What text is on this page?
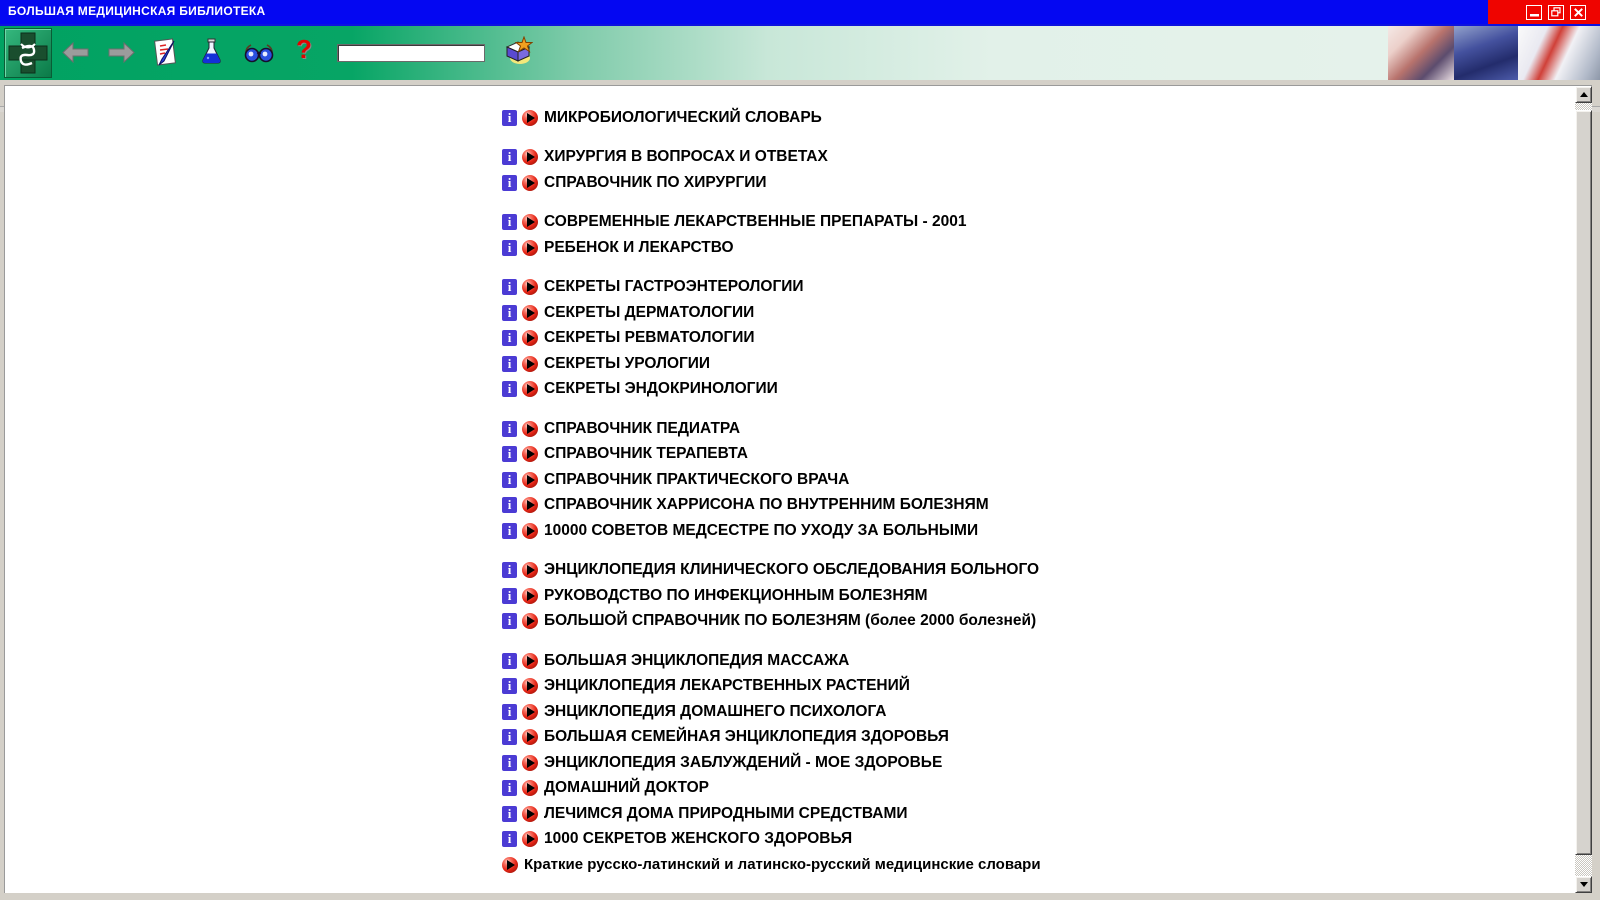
БОЛЬШАЯ МЕДИЦИНСКАЯ БИБЛИОТЕКА
?
i	МИКРОБИОЛОГИЧЕСКИЙ СЛОВАРЬ
i	ХИРУРГИЯ В ВОПРОСАХ И ОТВЕТАХ
i	СПРАВОЧНИК ПО ХИРУРГИИ
i	СОВРЕМЕННЫЕ ЛЕКАРСТВЕННЫЕ ПРЕПАРАТЫ - 2001
i	РЕБЕНОК И ЛЕКАРСТВО
i	СЕКРЕТЫ ГАСТРОЭНТЕРОЛОГИИ
i	СЕКРЕТЫ ДЕРМАТОЛОГИИ
i	СЕКРЕТЫ РЕВМАТОЛОГИИ
i	СЕКРЕТЫ УРОЛОГИИ
i	СЕКРЕТЫ ЭНДОКРИНОЛОГИИ
i	СПРАВОЧНИК ПЕДИАТРА
i	СПРАВОЧНИК ТЕРАПЕВТА
i	СПРАВОЧНИК ПРАКТИЧЕСКОГО ВРАЧА
i	СПРАВОЧНИК ХАРРИСОНА ПО ВНУТРЕННИМ БОЛЕЗНЯМ
i	10000 СОВЕТОВ МЕДСЕСТРЕ ПО УХОДУ ЗА БОЛЬНЫМИ
i	ЭНЦИКЛОПЕДИЯ КЛИНИЧЕСКОГО ОБСЛЕДОВАНИЯ БОЛЬНОГО
i	РУКОВОДСТВО ПО ИНФЕКЦИОННЫМ БОЛЕЗНЯМ
i	БОЛЬШОЙ СПРАВОЧНИК ПО БОЛЕЗНЯМ (более 2000 болезней)
i	БОЛЬШАЯ ЭНЦИКЛОПЕДИЯ МАССАЖА
i	ЭНЦИКЛОПЕДИЯ ЛЕКАРСТВЕННЫХ РАСТЕНИЙ
i	ЭНЦИКЛОПЕДИЯ ДОМАШНЕГО ПСИХОЛОГА
i	БОЛЬШАЯ СЕМЕЙНАЯ ЭНЦИКЛОПЕДИЯ ЗДОРОВЬЯ
i	ЭНЦИКЛОПЕДИЯ ЗАБЛУЖДЕНИЙ - МОЕ ЗДОРОВЬЕ
i	ДОМАШНИЙ ДОКТОР
i	ЛЕЧИМСЯ ДОМА ПРИРОДНЫМИ СРЕДСТВАМИ
i	1000 СЕКРЕТОВ ЖЕНСКОГО ЗДОРОВЬЯ
Краткие русско-латинский и латинско-русский медицинские словари
